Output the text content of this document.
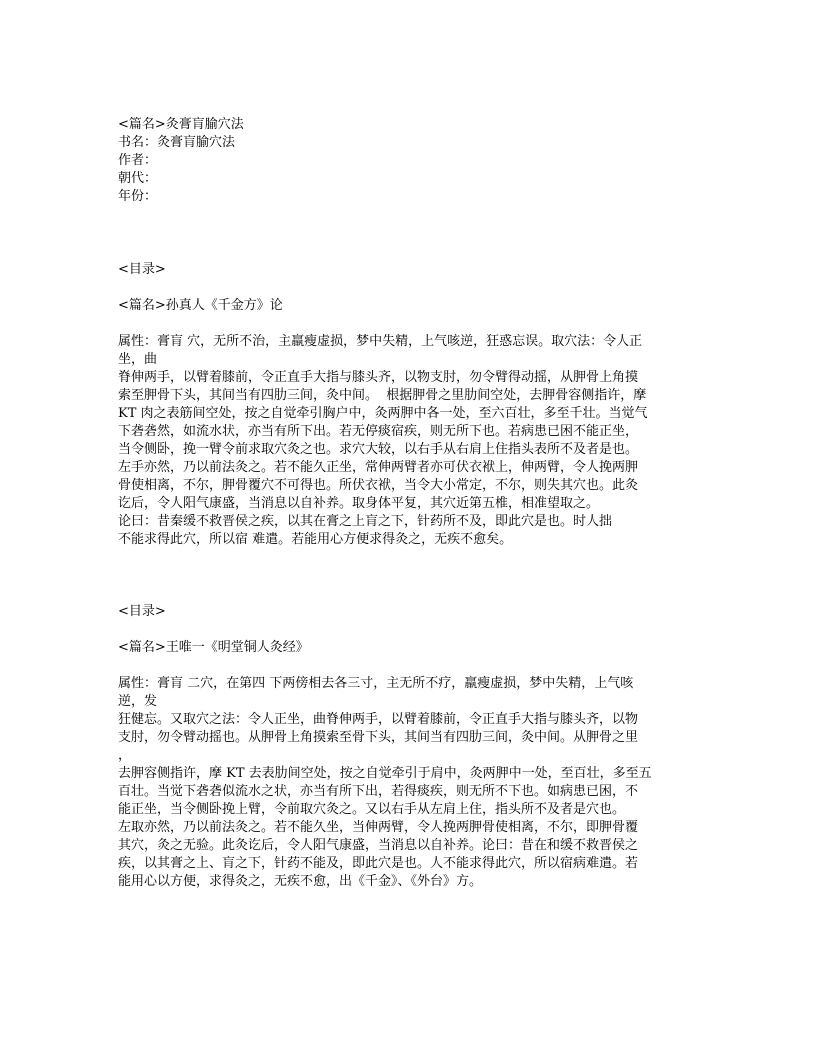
<篇名>灸膏肓腧穴法

书名：灸膏肓腧穴法

作者：

朝代：

年份：

<目录>

<篇名>孙真人《千金方》论

属性：膏肓 穴，无所不治，主羸瘦虚损，梦中失精，上气咳逆，狂惑忘误。取穴法：令人正

坐，曲

脊伸两手，以臂着膝前，令正直手大指与膝头齐，以物支肘，勿令臂得动摇，从胛骨上角摸

索至胛骨下头，其间当有四肋三间，灸中间。  根据胛骨之里肋间空处，去胛骨容侧指许，摩

KT 肉之表筋间空处，按之自觉牵引胸户中，灸两胛中各一处，至六百壮，多至千壮。当觉气

下砻砻然，如流水状，亦当有所下出。若无停痰宿疾，则无所下也。若病患已困不能正坐，

当令侧卧，挽一臂令前求取穴灸之也。求穴大较，以右手从右肩上住指头表所不及者是也。

左手亦然，乃以前法灸之。若不能久正坐，常伸两臂者亦可伏衣袱上，伸两臂，令人挽两胛

骨使相离，不尔，胛骨覆穴不可得也。所伏衣袱，当令大小常定，不尔，则失其穴也。此灸

讫后，令人阳气康盛，当消息以自补养。取身体平复，其穴近第五椎，相准望取之。

论曰：昔秦缓不救晋侯之疾，以其在膏之上肓之下，针药所不及，即此穴是也。时人拙

不能求得此穴，所以宿 难遣。若能用心方便求得灸之，无疾不愈矣。

<目录>

<篇名>王唯一《明堂铜人灸经》

属性：膏肓 二穴，在第四 下两傍相去各三寸，主无所不疗，羸瘦虚损，梦中失精，上气咳

逆，发

狂健忘。又取穴之法：令人正坐，曲脊伸两手，以臂着膝前，令正直手大指与膝头齐，以物

支肘，勿令臂动摇也。从胛骨上角摸索至骨下头，其间当有四肋三间，灸中间。从胛骨之里

，

去胛容侧指许，摩 KT 去表肋间空处，按之自觉牵引于肩中，灸两胛中一处，至百壮，多至五

百壮。当觉下砻砻似流水之状，亦当有所下出，若得痰疾，则无所不下也。如病患已困，不

能正坐，当令侧卧挽上臂，令前取穴灸之。又以右手从左肩上住，指头所不及者是穴也。

左取亦然，乃以前法灸之。若不能久坐，当伸两臂，令人挽两胛骨使相离，不尔，即胛骨覆

其穴，灸之无验。此灸讫后，令人阳气康盛，当消息以自补养。论曰：昔在和缓不救晋侯之

疾，以其膏之上、肓之下，针药不能及，即此穴是也。人不能求得此穴，所以宿病难遣。若

能用心以方便，求得灸之，无疾不愈，出《千金》、《外台》方。
